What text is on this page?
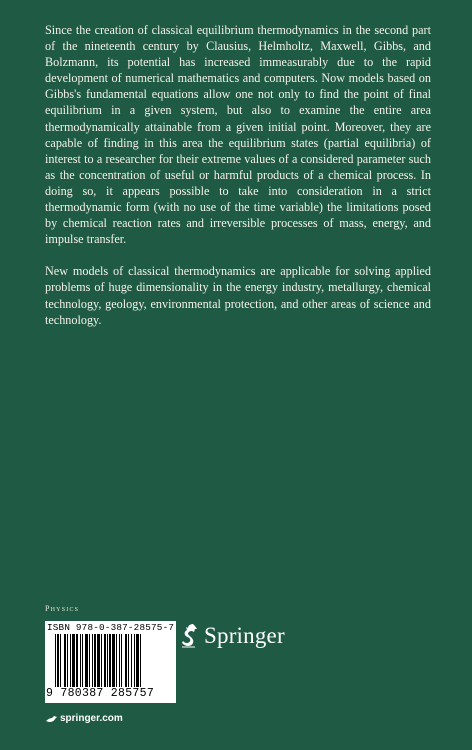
Since the creation of classical equilibrium thermodynamics in the second part of the nineteenth century by Clausius, Helmholtz, Maxwell, Gibbs, and Bolzmann, its potential has increased immeasurably due to the rapid development of numerical mathematics and computers. Now models based on Gibbs's fundamental equations allow one not only to find the point of final equilibrium in a given system, but also to examine the entire area thermodynamically attainable from a given initial point. Moreover, they are capable of finding in this area the equilibrium states (partial equilibria) of interest to a researcher for their extreme values of a considered parameter such as the concentration of useful or harmful products of a chemical process. In doing so, it appears possible to take into consideration in a strict thermodynamic form (with no use of the time variable) the limitations posed by chemical reaction rates and irreversible processes of mass, energy, and impulse transfer.

New models of classical thermodynamics are applicable for solving applied problems of huge dimensionality in the energy industry, metallurgy, chemical technology, geology, environmental protection, and other areas of science and technology.

Physics
ISBN 978-0-387-28575-7
9 780387 285757
Springer
springer.com
